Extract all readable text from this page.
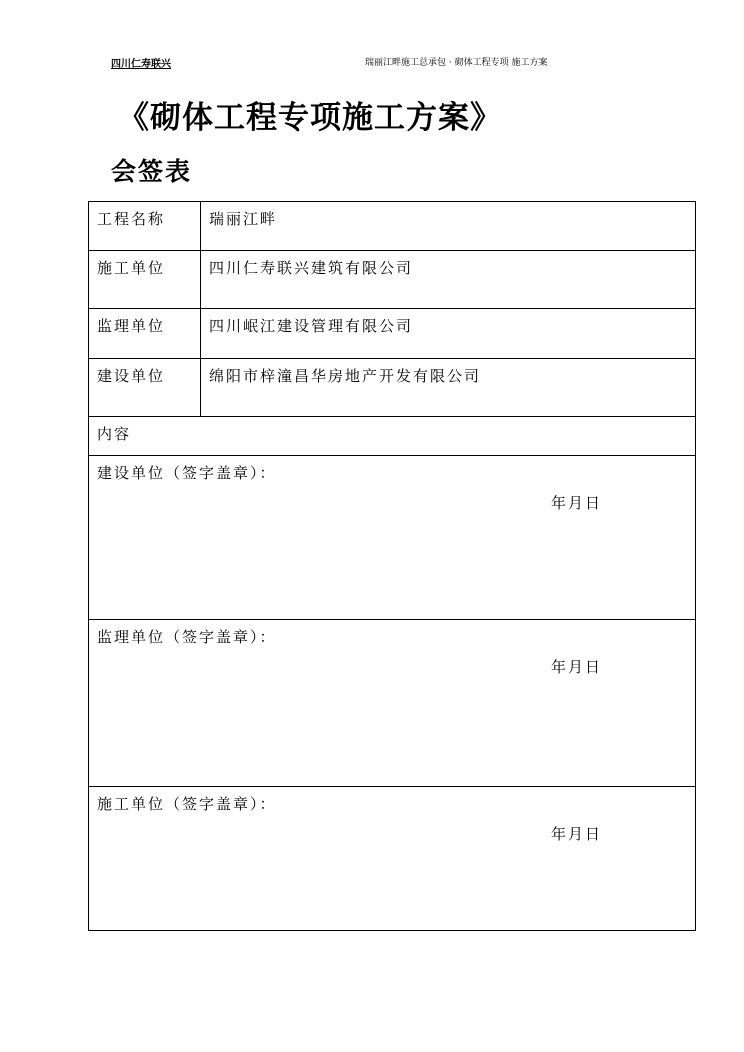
四川仁寿联兴	瑞丽江畔施工总承包 · 砌体工程专项 施工方案
《砌体工程专项施工方案》
会签表
工程名称	瑞丽江畔
施工单位	四川仁寿联兴建筑有限公司
监理单位	四川岷江建设管理有限公司
建设单位	绵阳市梓潼昌华房地产开发有限公司
内容	
建设单位（签字盖章）：
年月日	

监理单位（签字盖章）：
年月日	

施工单位（签字盖章）：
年月日	
